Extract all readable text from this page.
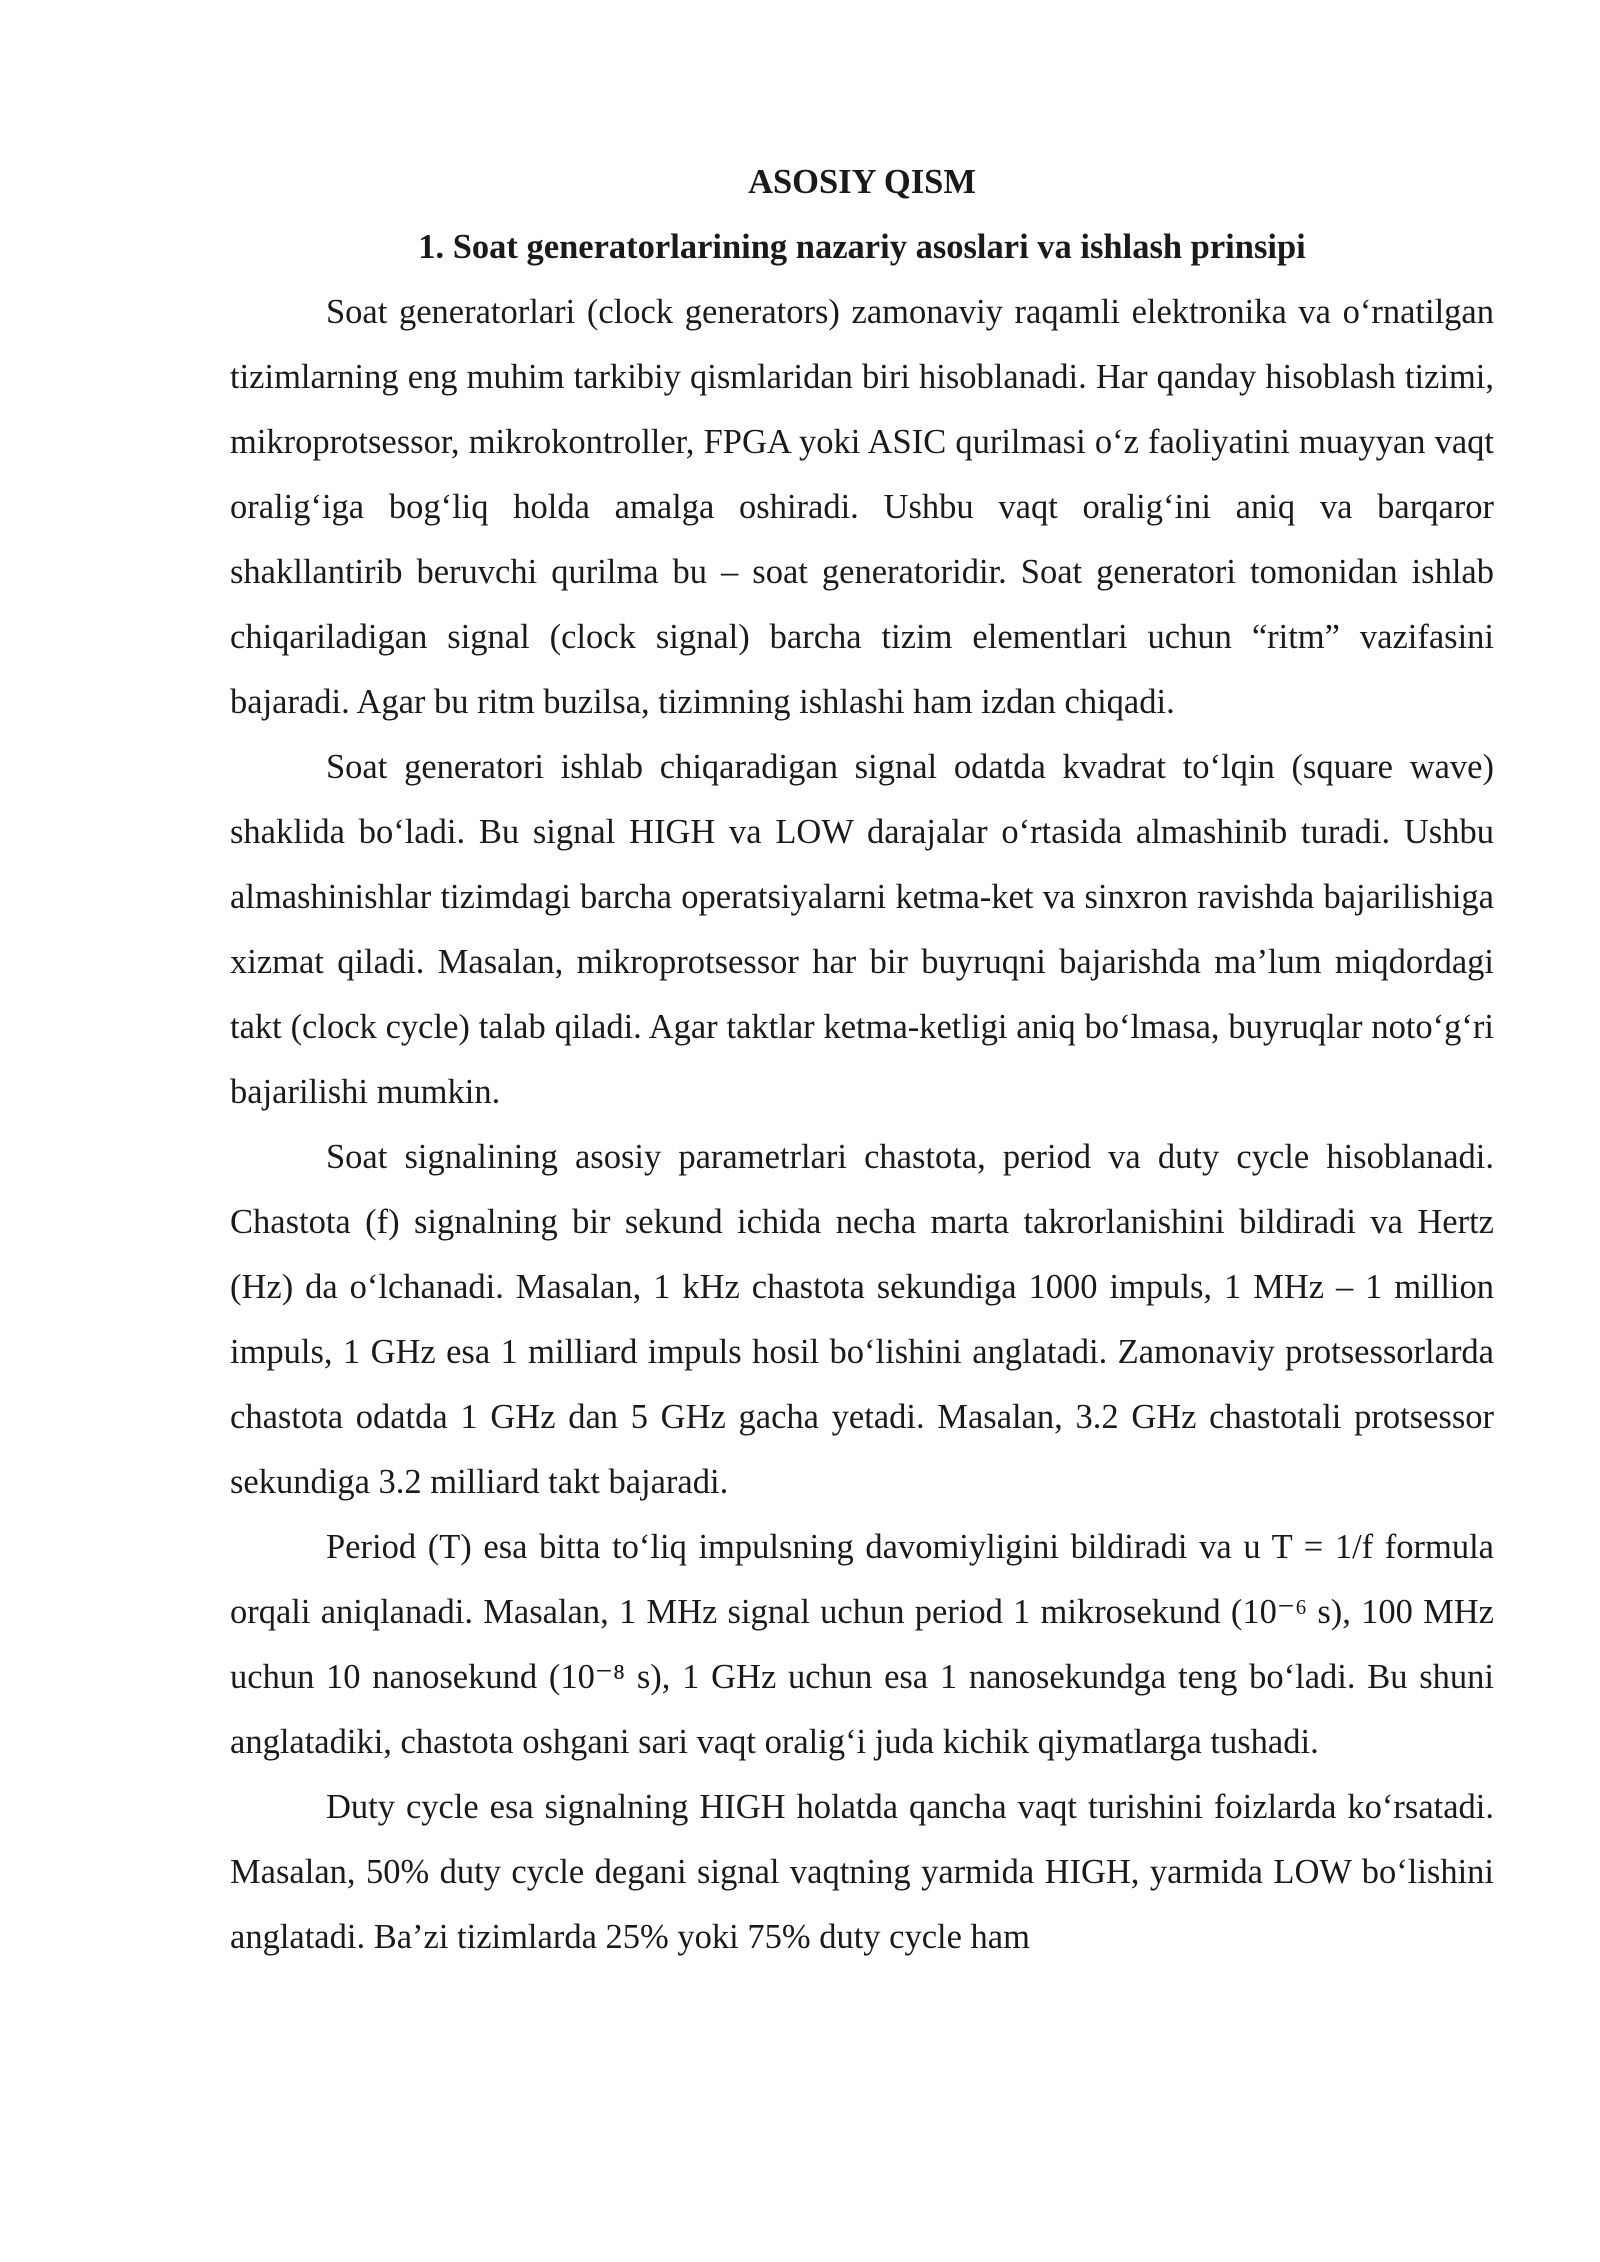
ASOSIY QISM

1. Soat generatorlarining nazariy asoslari va ishlash prinsipi

Soat generatorlari (clock generators) zamonaviy raqamli elektronika va o‘rnatilgan tizimlarning eng muhim tarkibiy qismlaridan biri hisoblanadi. Har qanday hisoblash tizimi, mikroprotsessor, mikrokontroller, FPGA yoki ASIC qurilmasi o‘z faoliyatini muayyan vaqt oralig‘iga bog‘liq holda amalga oshiradi. Ushbu vaqt oralig‘ini aniq va barqaror shakllantirib beruvchi qurilma bu – soat generatoridir. Soat generatori tomonidan ishlab chiqariladigan signal (clock signal) barcha tizim elementlari uchun “ritm” vazifasini bajaradi. Agar bu ritm buzilsa, tizimning ishlashi ham izdan chiqadi.

Soat generatori ishlab chiqaradigan signal odatda kvadrat to‘lqin (square wave) shaklida bo‘ladi. Bu signal HIGH va LOW darajalar o‘rtasida almashinib turadi. Ushbu almashinishlar tizimdagi barcha operatsiyalarni ketma-ket va sinxron ravishda bajarilishiga xizmat qiladi. Masalan, mikroprotsessor har bir buyruqni bajarishda ma’lum miqdordagi takt (clock cycle) talab qiladi. Agar taktlar ketma-ketligi aniq bo‘lmasa, buyruqlar noto‘g‘ri bajarilishi mumkin.

Soat signalining asosiy parametrlari chastota, period va duty cycle hisoblanadi. Chastota (f) signalning bir sekund ichida necha marta takrorlanishini bildiradi va Hertz (Hz) da o‘lchanadi. Masalan, 1 kHz chastota sekundiga 1000 impuls, 1 MHz – 1 million impuls, 1 GHz esa 1 milliard impuls hosil bo‘lishini anglatadi. Zamonaviy protsessorlarda chastota odatda 1 GHz dan 5 GHz gacha yetadi. Masalan, 3.2 GHz chastotali protsessor sekundiga 3.2 milliard takt bajaradi.

Period (T) esa bitta to‘liq impulsning davomiyligini bildiradi va u T = 1/f formula orqali aniqlanadi. Masalan, 1 MHz signal uchun period 1 mikrosekund (10⁻⁶ s), 100 MHz uchun 10 nanosekund (10⁻⁸ s), 1 GHz uchun esa 1 nanosekundga teng bo‘ladi. Bu shuni anglatadiki, chastota oshgani sari vaqt oralig‘i juda kichik qiymatlarga tushadi.

Duty cycle esa signalning HIGH holatda qancha vaqt turishini foizlarda ko‘rsatadi. Masalan, 50% duty cycle degani signal vaqtning yarmida HIGH, yarmida LOW bo‘lishini anglatadi. Ba’zi tizimlarda 25% yoki 75% duty cycle ham
